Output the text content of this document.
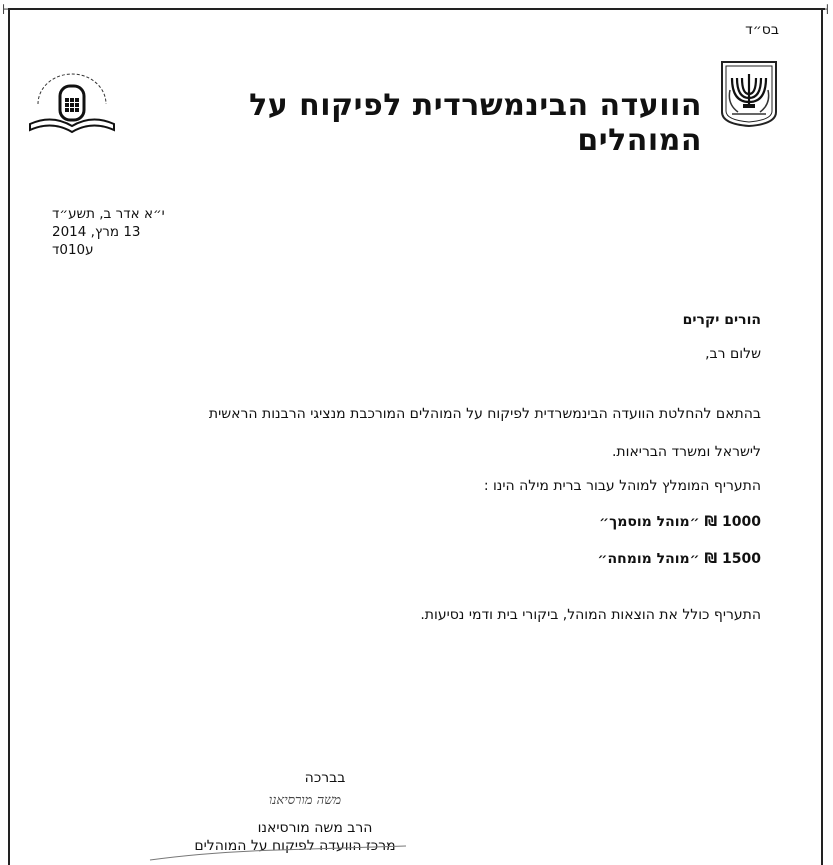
⊢	⊣
בס״ד
הוועדה הבינמשרדית לפיקוח על המוהלים
י״א אדר ב, תשע״ד
13 מרץ, 2014
ע010ד
הורים יקרים
שלום רב,
בהתאם להחלטת הוועדה הבינמשרדית לפיקוח על המוהלים המורכבת מנציגי הרבנות הראשית
לישראל ומשרד הבריאות.
התעריף המומלץ למוהל עבור ברית מילה הינו :
1000 ₪ ״מוהל מוסמך״
1500 ₪ ״מוהל מומחה״
התעריף כולל את הוצאות המוהל, ביקורי בית ודמי נסיעות.
בברכה
משה מורסיאנו
הרב משה מורסיאנו
מרכז הוועדה לפיקוח על המוהלים
